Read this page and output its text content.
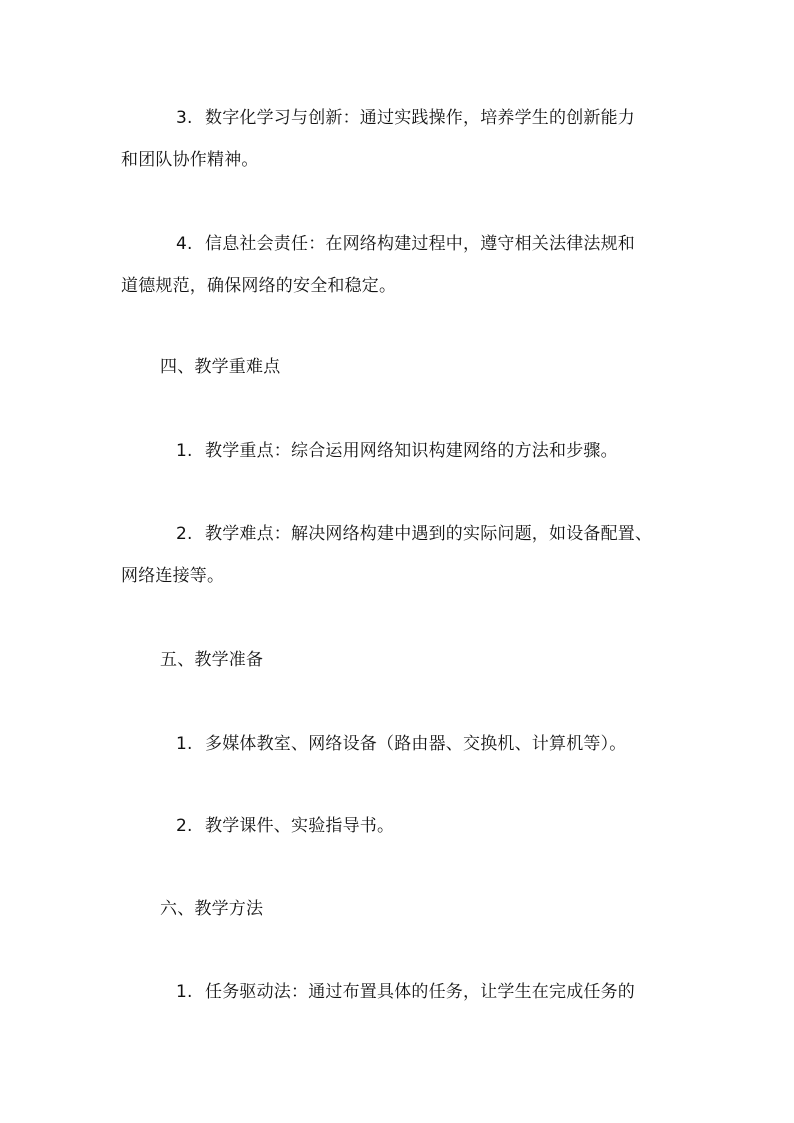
3. 数字化学习与创新：通过实践操作，培养学生的创新能力
和团队协作精神。
4. 信息社会责任：在网络构建过程中，遵守相关法律法规和
道德规范，确保网络的安全和稳定。
四、教学重难点
1. 教学重点：综合运用网络知识构建网络的方法和步骤。
2. 教学难点：解决网络构建中遇到的实际问题，如设备配置、
网络连接等。
五、教学准备
1. 多媒体教室、网络设备（路由器、交换机、计算机等）。
2. 教学课件、实验指导书。
六、教学方法
1. 任务驱动法：通过布置具体的任务，让学生在完成任务的
